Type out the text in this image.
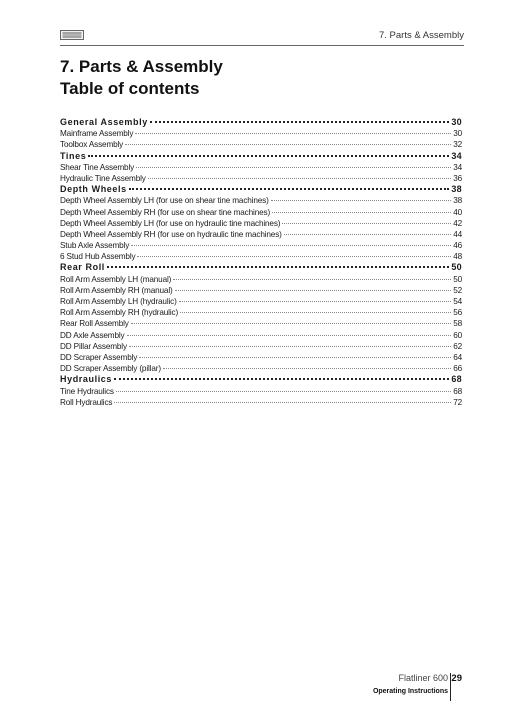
7. Parts & Assembly
7. Parts & Assembly
Table of contents
General Assembly	30
Mainframe Assembly	30
Toolbox Assembly	32
Tines	34
Shear Tine Assembly	34
Hydraulic Tine Assembly	36
Depth Wheels	38
Depth Wheel Assembly LH (for use on shear tine machines)	38
Depth Wheel Assembly RH (for use on shear tine machines)	40
Depth Wheel Assembly LH (for use on hydraulic tine machines)	42
Depth Wheel Assembly RH (for use on hydraulic tine machines)	44
Stub Axle Assembly	46
6 Stud Hub Assembly	48
Rear Roll	50
Roll Arm Assembly LH (manual)	50
Roll Arm Assembly RH (manual)	52
Roll Arm Assembly LH (hydraulic)	54
Roll Arm Assembly RH (hydraulic)	56
Rear Roll Assembly	58
DD Axle Assembly	60
DD Pillar Assembly	62
DD Scraper Assembly	64
DD Scraper Assembly (pillar)	66
Hydraulics	68
Tine Hydraulics	68
Roll Hydraulics	72
Flatliner 600 29
Operating Instructions
